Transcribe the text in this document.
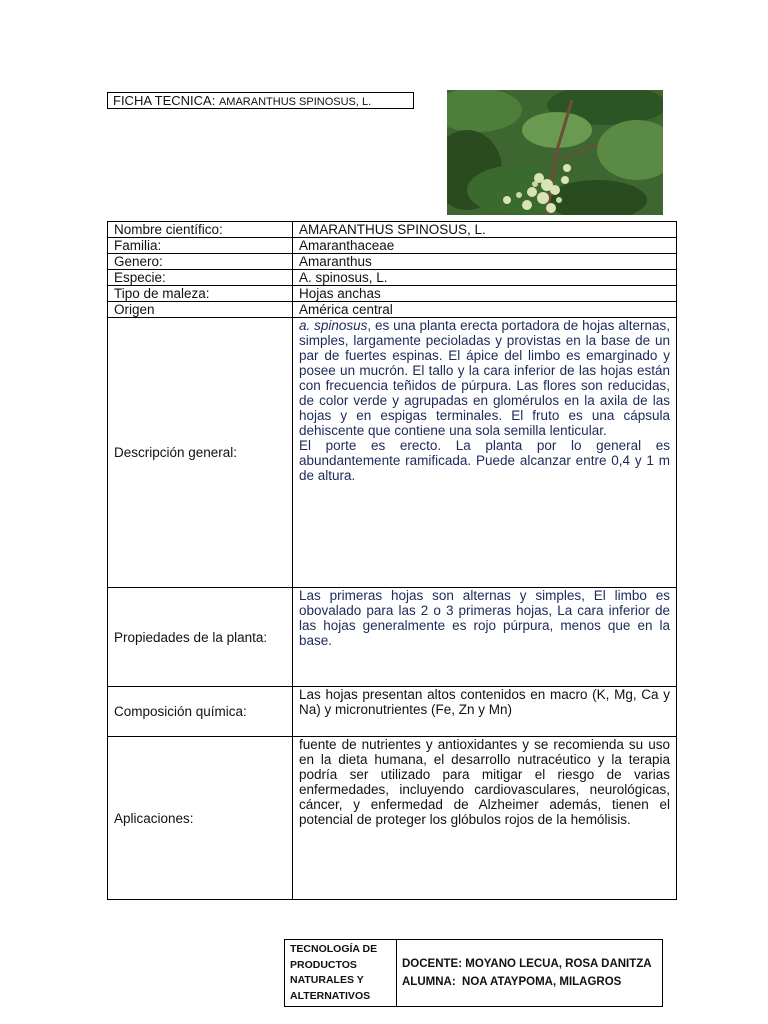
FICHA TECNICA: AMARANTHUS SPINOSUS, L.
Nombre científico:	AMARANTHUS SPINOSUS, L.
Familia:	Amaranthaceae
Genero:	Amaranthus
Especie:	A. spinosus, L.
Tipo de maleza:	Hojas anchas
Origen	América central
Descripción general:	a. spinosus, es una planta erecta portadora de hojas alternas, simples, largamente pecioladas y provistas en la base de un par de fuertes espinas. El ápice del limbo es emarginado y posee un mucrón. El tallo y la cara inferior de las hojas están con frecuencia teñidos de púrpura. Las flores son reducidas, de color verde y agrupadas en glomérulos en la axila de las hojas y en espigas terminales. El fruto es una cápsula dehiscente que contiene una sola semilla lenticular.

El porte es erecto. La planta por lo general es abundantemente ramificada. Puede alcanzar entre 0,4 y 1 m de altura.

Propiedades de la planta:	Las primeras hojas son alternas y simples, El limbo es obovalado para las 2 o 3 primeras hojas, La cara inferior de las hojas generalmente es rojo púrpura, menos que en la base.
Composición química:	Las hojas presentan altos contenidos en macro (K, Mg, Ca y Na) y micronutrientes (Fe, Zn y Mn)
Aplicaciones:	fuente de nutrientes y antioxidantes y se recomienda su uso en la dieta humana, el desarrollo nutracéutico y la terapia podría ser utilizado para mitigar el riesgo de varias enfermedades, incluyendo cardiovasculares, neurológicas, cáncer, y enfermedad de Alzheimer además, tienen el potencial de proteger los glóbulos rojos de la hemólisis.
TECNOLOGÍA DE PRODUCTOS NATURALES Y ALTERNATIVOS	
DOCENTE: MOYANO LECUA, ROSA DANITZA
ALUMNA:  NOA ATAYPOMA, MILAGROS
